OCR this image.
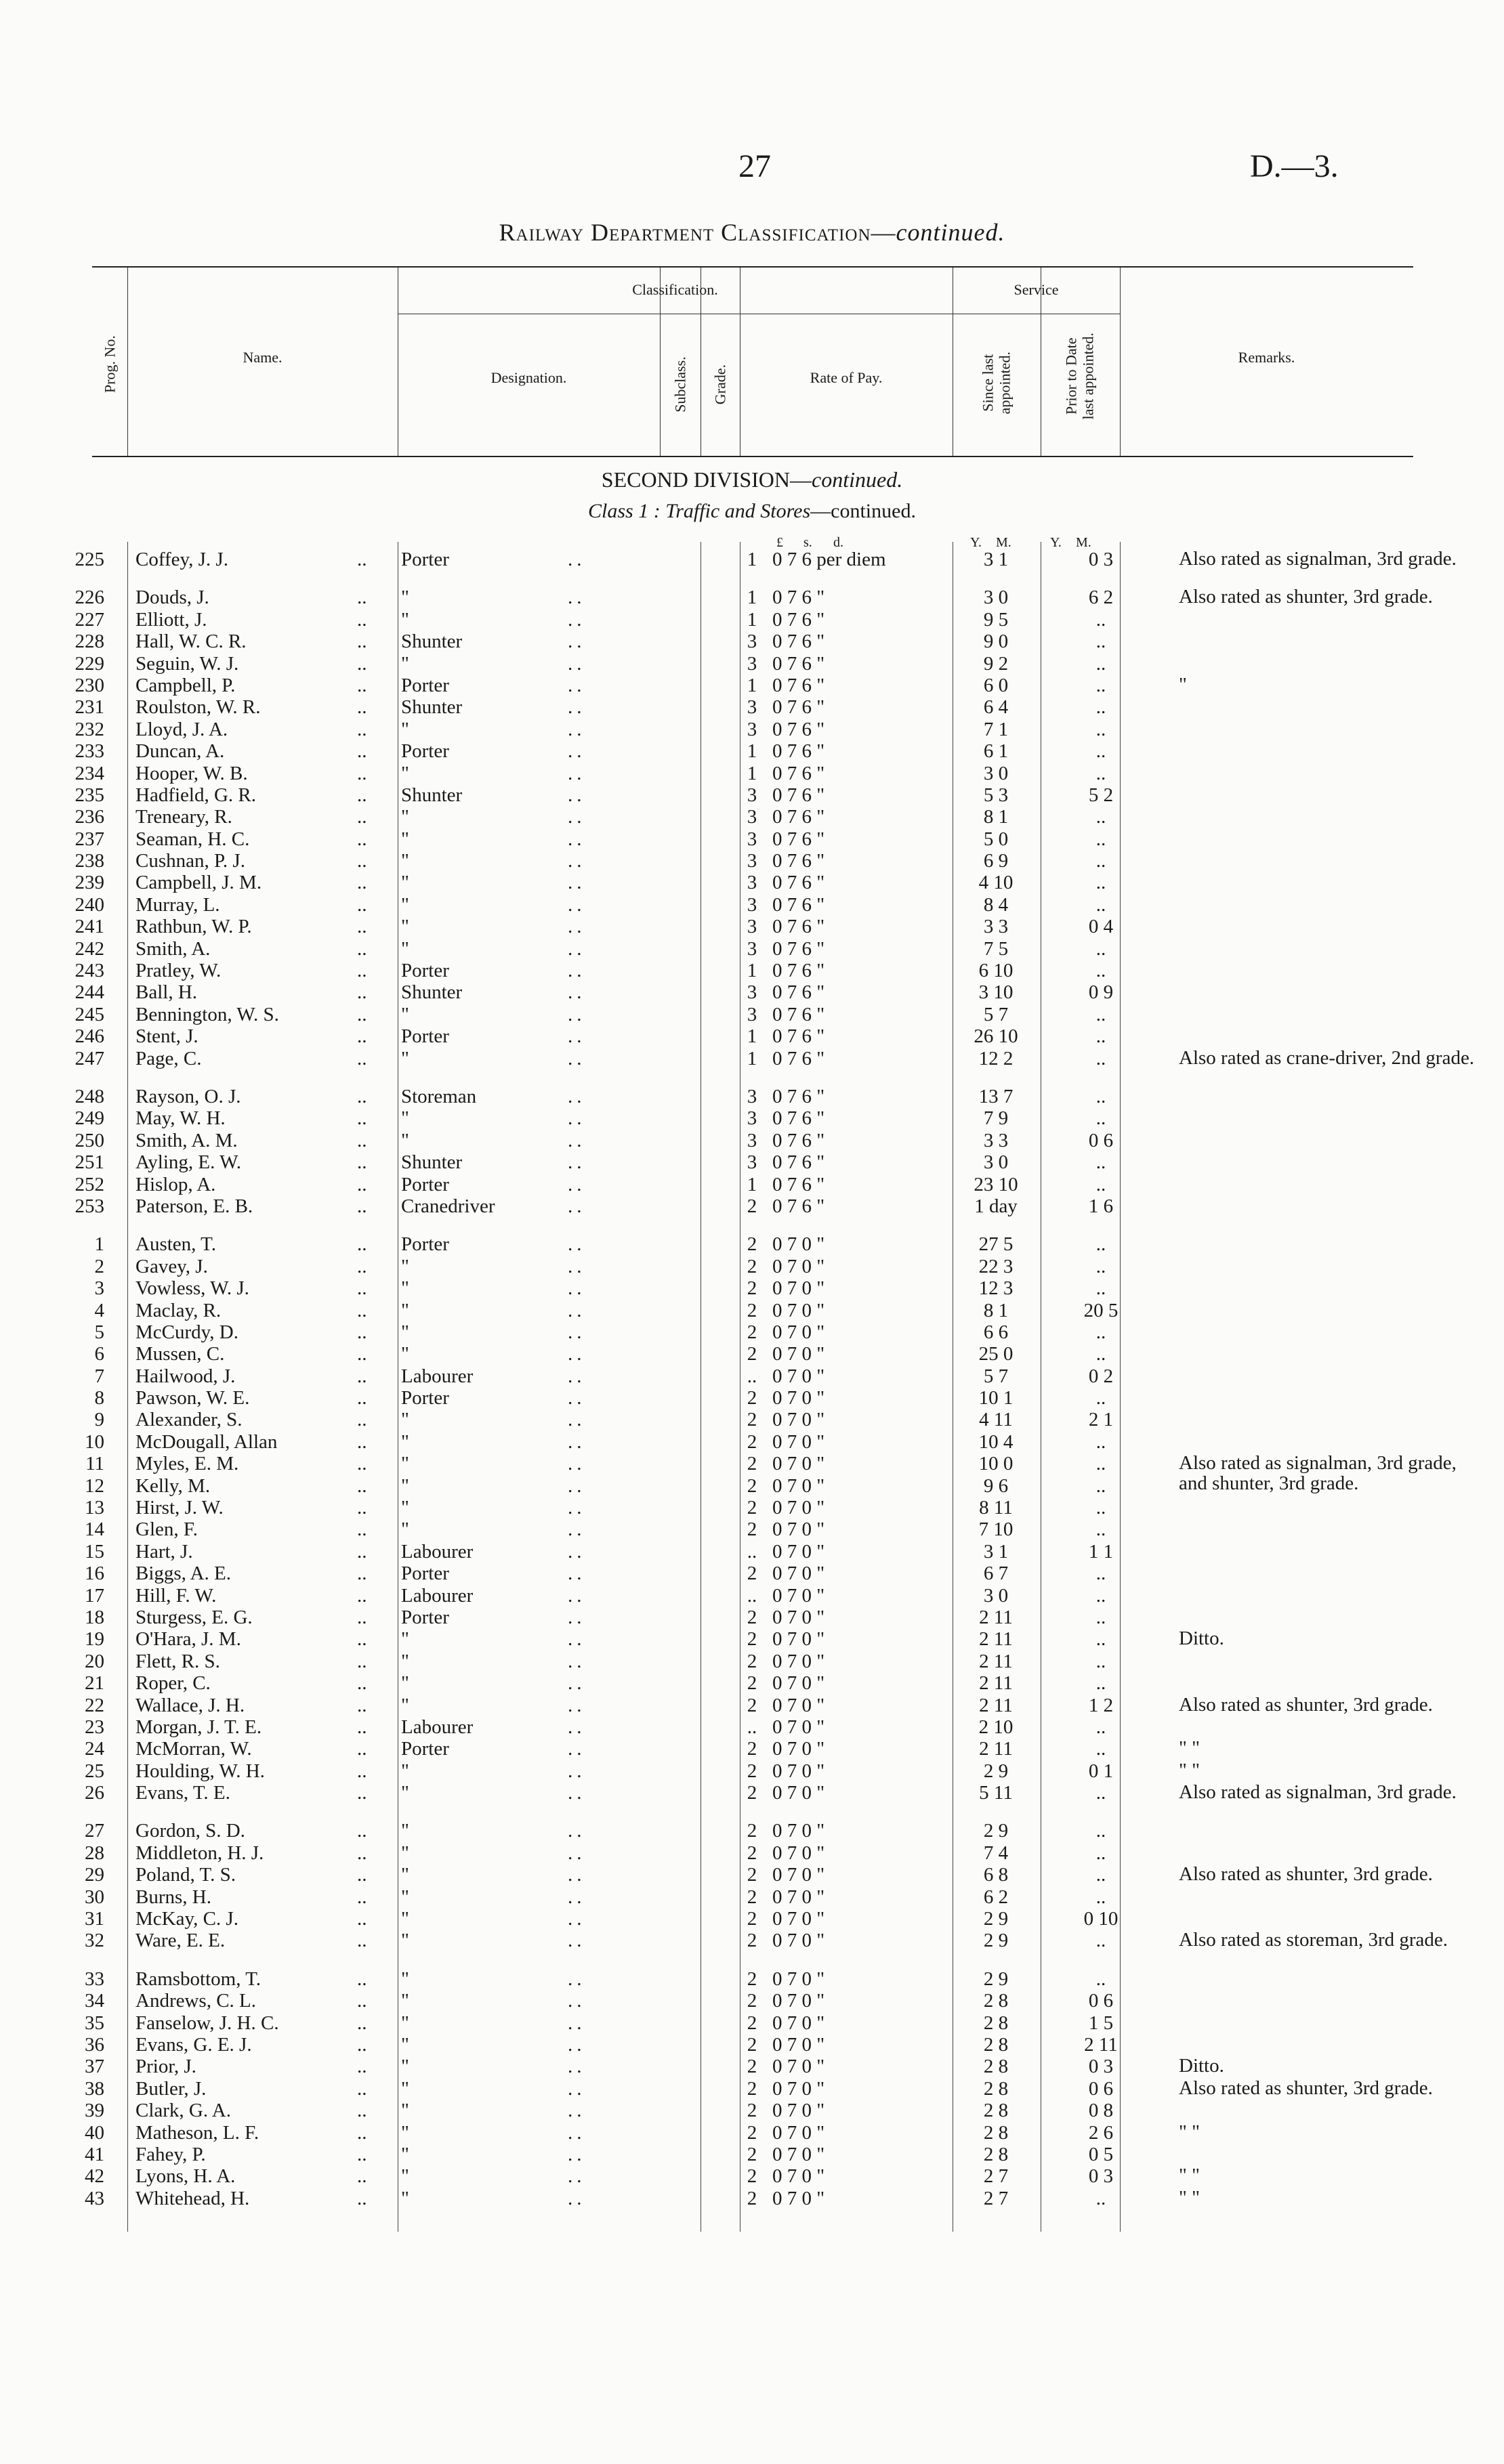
27	D.—3.
Railway Department Classification—continued.
Prog. No.	Name.
Classification.
Designation.	Subclass. Grade.	Rate of Pay.
Service
Since last appointed.	Prior to Date last appointed.	Remarks.
SECOND DIVISION—continued.
Class 1 : Traffic and Stores—continued.
£ s. d.	Y. M.	Y. M.
225 Coffey, J. J.	.. Porter	..	1 0 7 6 per diem	3 1	0 3	Also rated as signalman, 3rd grade.
226 Douds, J.	.. "	..	1 0 7 6 "	3 0	6 2	Also rated as shunter, 3rd grade.
227 Elliott, J.	.. "	..	1 0 7 6 "	9 5	..
228 Hall, W. C. R.	.. Shunter	..	3 0 7 6 "	9 0	..
229 Seguin, W. J.	.. "	..	3 0 7 6 "	9 2	..
230 Campbell, P.	.. Porter	..	1 0 7 6 "	6 0	..	"
231 Roulston, W. R.	.. Shunter	..	3 0 7 6 "	6 4	..
232 Lloyd, J. A.	.. "	..	3 0 7 6 "	7 1	..
233 Duncan, A.	.. Porter	..	1 0 7 6 "	6 1	..
234 Hooper, W. B.	.. "	..	1 0 7 6 "	3 0	..
235 Hadfield, G. R.	.. Shunter	..	3 0 7 6 "	5 3	5 2
236 Treneary, R.	.. "	..	3 0 7 6 "	8 1	..
237 Seaman, H. C.	.. "	..	3 0 7 6 "	5 0	..
238 Cushnan, P. J.	.. "	..	3 0 7 6 "	6 9	..
239 Campbell, J. M.	.. "	..	3 0 7 6 "	4 10	..
240 Murray, L.	.. "	..	3 0 7 6 "	8 4	..
241 Rathbun, W. P.	.. "	..	3 0 7 6 "	3 3	0 4
242 Smith, A.	.. "	..	3 0 7 6 "	7 5	..
243 Pratley, W.	.. Porter	..	1 0 7 6 "	6 10	..
244 Ball, H.	.. Shunter	..	3 0 7 6 "	3 10	0 9
245 Bennington, W. S.	.. "	..	3 0 7 6 "	5 7	..
246 Stent, J.	.. Porter	..	1 0 7 6 "	26 10	..
247 Page, C.	.. "	..	1 0 7 6 "	12 2	..	Also rated as crane-driver, 2nd grade.
248 Rayson, O. J.	.. Storeman	..	3 0 7 6 "	13 7	..
249 May, W. H.	.. "	..	3 0 7 6 "	7 9	..
250 Smith, A. M.	.. "	..	3 0 7 6 "	3 3	0 6
251 Ayling, E. W.	.. Shunter	..	3 0 7 6 "	3 0	..
252 Hislop, A.	.. Porter	..	1 0 7 6 "	23 10	..
253 Paterson, E. B.	.. Cranedriver	..	2 0 7 6 "	1 day	1 6
1 Austen, T.	.. Porter	..	2 0 7 0 "	27 5	..
2 Gavey, J.	.. "	..	2 0 7 0 "	22 3	..
3 Vowless, W. J.	.. "	..	2 0 7 0 "	12 3	..
4 Maclay, R.	.. "	..	2 0 7 0 "	8 1	20 5
5 McCurdy, D.	.. "	..	2 0 7 0 "	6 6	..
6 Mussen, C.	.. "	..	2 0 7 0 "	25 0	..
7 Hailwood, J.	.. Labourer	..	.. 0 7 0 "	5 7	0 2
8 Pawson, W. E.	.. Porter	..	2 0 7 0 "	10 1	..
9 Alexander, S.	.. "	..	2 0 7 0 "	4 11	2 1
10 McDougall, Allan	.. "	..	2 0 7 0 "	10 4	..
11 Myles, E. M.	.. "	..	2 0 7 0 "	10 0	..	Also rated as signalman, 3rd grade, and shunter, 3rd grade.
12 Kelly, M.	.. "	..	2 0 7 0 "	9 6	..
13 Hirst, J. W.	.. "	..	2 0 7 0 "	8 11	..
14 Glen, F.	.. "	..	2 0 7 0 "	7 10	..
15 Hart, J.	.. Labourer	..	.. 0 7 0 "	3 1	1 1
16 Biggs, A. E.	.. Porter	..	2 0 7 0 "	6 7	..
17 Hill, F. W.	.. Labourer	..	.. 0 7 0 "	3 0	..
18 Sturgess, E. G.	.. Porter	..	2 0 7 0 "	2 11	..
19 O'Hara, J. M.	.. "	..	2 0 7 0 "	2 11	..	Ditto.
20 Flett, R. S.	.. "	..	2 0 7 0 "	2 11	..
21 Roper, C.	.. "	..	2 0 7 0 "	2 11	..
22 Wallace, J. H.	.. "	..	2 0 7 0 "	2 11	1 2	Also rated as shunter, 3rd grade.
23 Morgan, J. T. E.	.. Labourer	..	.. 0 7 0 "	2 10	..
24 McMorran, W.	.. Porter	..	2 0 7 0 "	2 11	..	" "
25 Houlding, W. H.	.. "	..	2 0 7 0 "	2 9	0 1	" "
26 Evans, T. E.	.. "	..	2 0 7 0 "	5 11	..	Also rated as signalman, 3rd grade.
27 Gordon, S. D.	.. "	..	2 0 7 0 "	2 9	..
28 Middleton, H. J.	.. "	..	2 0 7 0 "	7 4	..
29 Poland, T. S.	.. "	..	2 0 7 0 "	6 8	..	Also rated as shunter, 3rd grade.
30 Burns, H.	.. "	..	2 0 7 0 "	6 2	..
31 McKay, C. J.	.. "	..	2 0 7 0 "	2 9	0 10
32 Ware, E. E.	.. "	..	2 0 7 0 "	2 9	..	Also rated as storeman, 3rd grade.
33 Ramsbottom, T.	.. "	..	2 0 7 0 "	2 9	..
34 Andrews, C. L.	.. "	..	2 0 7 0 "	2 8	0 6
35 Fanselow, J. H. C.	.. "	..	2 0 7 0 "	2 8	1 5
36 Evans, G. E. J.	.. "	..	2 0 7 0 "	2 8	2 11
37 Prior, J.	.. "	..	2 0 7 0 "	2 8	0 3	Ditto.
38 Butler, J.	.. "	..	2 0 7 0 "	2 8	0 6	Also rated as shunter, 3rd grade.
39 Clark, G. A.	.. "	..	2 0 7 0 "	2 8	0 8
40 Matheson, L. F.	.. "	..	2 0 7 0 "	2 8	2 6	" "
41 Fahey, P.	.. "	..	2 0 7 0 "	2 8	0 5
42 Lyons, H. A.	.. "	..	2 0 7 0 "	2 7	0 3	" "
43 Whitehead, H.	.. "	..	2 0 7 0 "	2 7	..	" "
